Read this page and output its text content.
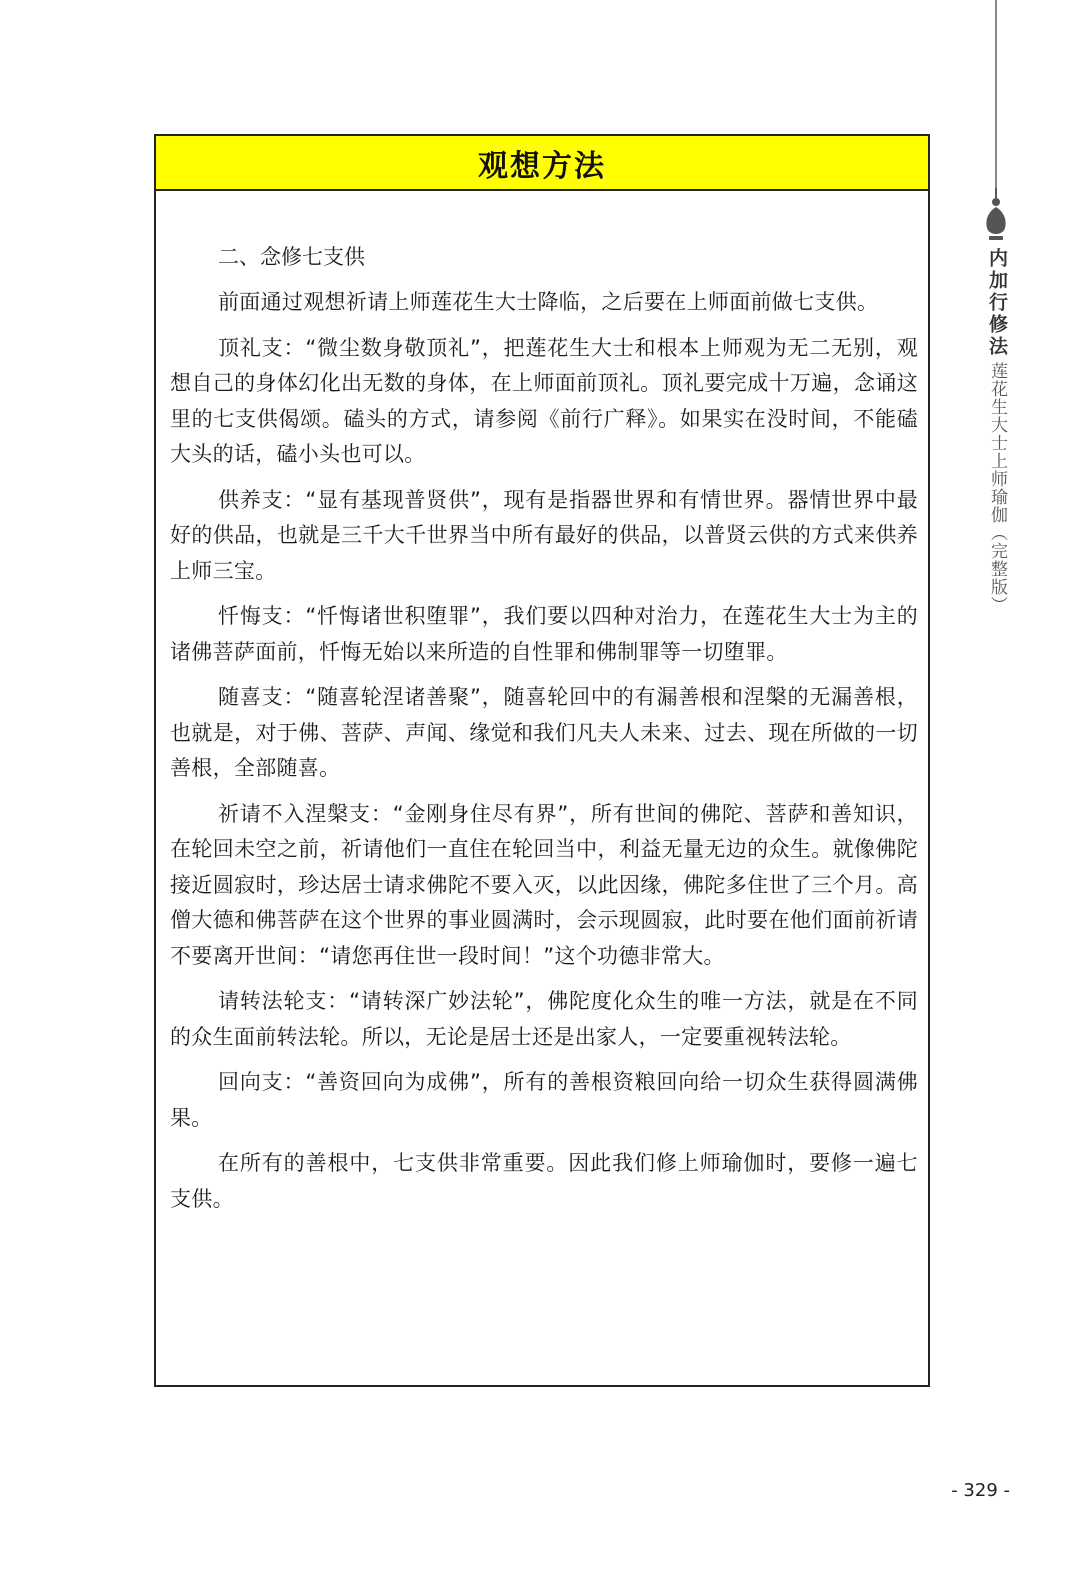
内加行修法
莲花生大士上师瑜伽（完整版）
观想方法

二、念修七支供

前面通过观想祈请上师莲花生大士降临，之后要在上师面前做七支供。

顶礼支：“微尘数身敬顶礼”，把莲花生大士和根本上师观为无二无别，观想自己的身体幻化出无数的身体，在上师面前顶礼。顶礼要完成十万遍，念诵这里的七支供偈颂。磕头的方式，请参阅《前行广释》。如果实在没时间，不能磕大头的话，磕小头也可以。

供养支：“显有基现普贤供”，现有是指器世界和有情世界。器情世界中最好的供品，也就是三千大千世界当中所有最好的供品，以普贤云供的方式来供养上师三宝。

忏悔支：“忏悔诸世积堕罪”，我们要以四种对治力，在莲花生大士为主的诸佛菩萨面前，忏悔无始以来所造的自性罪和佛制罪等一切堕罪。

随喜支：“随喜轮涅诸善聚”，随喜轮回中的有漏善根和涅槃的无漏善根，也就是，对于佛、菩萨、声闻、缘觉和我们凡夫人未来、过去、现在所做的一切善根，全部随喜。

祈请不入涅槃支：“金刚身住尽有界”，所有世间的佛陀、菩萨和善知识，在轮回未空之前，祈请他们一直住在轮回当中，利益无量无边的众生。就像佛陀接近圆寂时，珍达居士请求佛陀不要入灭，以此因缘，佛陀多住世了三个月。高僧大德和佛菩萨在这个世界的事业圆满时，会示现圆寂，此时要在他们面前祈请不要离开世间：“请您再住世一段时间！”这个功德非常大。

请转法轮支：“请转深广妙法轮”，佛陀度化众生的唯一方法，就是在不同的众生面前转法轮。所以，无论是居士还是出家人，一定要重视转法轮。

回向支：“善资回向为成佛”，所有的善根资粮回向给一切众生获得圆满佛果。

在所有的善根中，七支供非常重要。因此我们修上师瑜伽时，要修一遍七支供。

- 329 -
